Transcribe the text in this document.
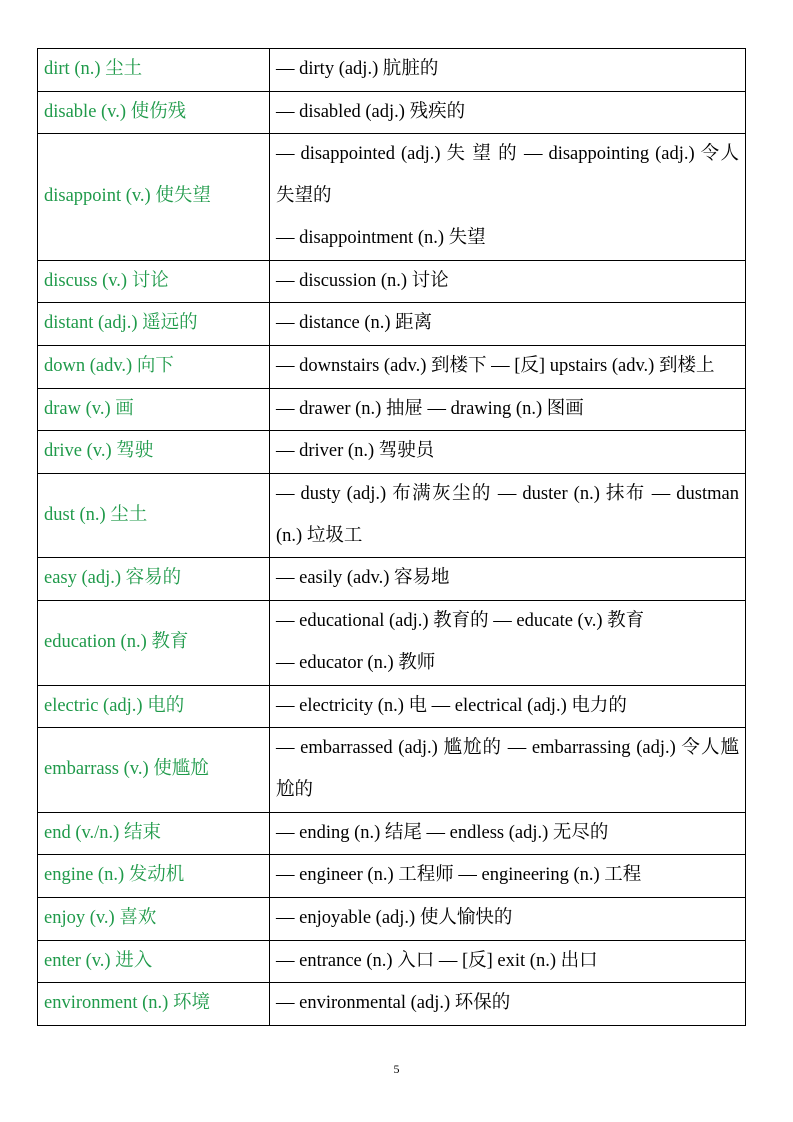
dirt (n.) 尘土	— dirty (adj.) 肮脏的

disable (v.) 使伤残	— disabled (adj.) 残疾的

disappoint (v.) 使失望	— disappointed (adj.) 失 望 的 — disappointing (adj.) 令人失望的
— disappointment (n.) 失望

discuss (v.) 讨论	— discussion (n.) 讨论

distant (adj.) 遥远的	— distance (n.) 距离

down (adv.) 向下	— downstairs (adv.) 到楼下 — [反] upstairs (adv.) 到楼上

draw (v.) 画	— drawer (n.) 抽屉 — drawing (n.) 图画

drive (v.) 驾驶	— driver (n.) 驾驶员

dust (n.) 尘土	— dusty (adj.) 布满灰尘的 — duster (n.) 抹布 — dustman (n.) 垃圾工

easy (adj.) 容易的	— easily (adv.) 容易地

education (n.) 教育	— educational (adj.) 教育的 — educate (v.) 教育
— educator (n.) 教师

electric (adj.) 电的	— electricity (n.) 电 — electrical (adj.) 电力的

embarrass (v.) 使尴尬	— embarrassed (adj.) 尴尬的 — embarrassing (adj.) 令人尴尬的

end (v./n.) 结束	— ending (n.) 结尾 — endless (adj.) 无尽的

engine (n.) 发动机	— engineer (n.) 工程师 — engineering (n.) 工程

enjoy (v.) 喜欢	— enjoyable (adj.) 使人愉快的

enter (v.) 进入	— entrance (n.) 入口 — [反] exit (n.) 出口

environment (n.) 环境	— environmental (adj.) 环保的
5
